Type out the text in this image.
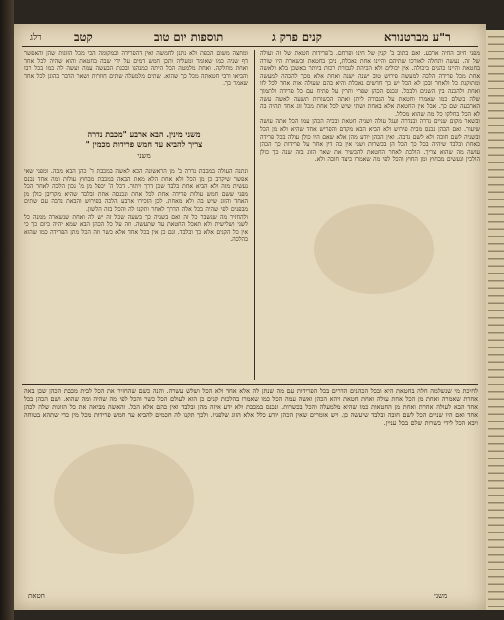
רלג	קטב	תוספות יום טוב	קנים פרק ג	ר"ע מברטנורא

מפני חיוב החיה ארבע. ואם בתוב ב' קנין של חינו ופרחם. ב'פרידות חטאת של זה ועולה של זה. נעשה ותחלה לאורכו שתיהם והיינו אחת נאכלת, ניכן בחטאת ובשארת היו שורה בחטאת והיינו כהנים ביכולה. אין יכולים ולא הכיהת לגבורת רכות ביותר באשכן בלא ולאשה אחת מכל פרידה הלכה למעשה פירוש טוב ישנה ישנה ואחת אלא מכך להכהה למעשה ומתוקנת כל ולאחר ובכן לא הכל יש כך חדשים נאכלת והיא בהם שעולה אות אחד לכל לזו ואחת ולהכנה בין השנים ולבכל. ונכנס הכהן שפרי ותרין על פתיח עם כל פרידה ולתמוך שלה בשלם כמו שאמרו וחטאת על הגבורה ליתן ואתה הכשורות תשעה לאשה עשה הארבעה שם כך. אבל אין החטאת אלא באחת ושתי שיש לכל אחת מכל זוג אחד תהיה בה לא הכל בחלקו כל מה שהוא מכלל.

ובשאר מקום שניים נדרה ובנדרה ועגל עולה ושניה חטאת ובכיה הכהן עמו הכל אתה עושה שיעור. ואם הכהן נכנס מבית פירוש ולא הביא הבא מקדם והפריש אחד שהיא ולא מן הכל ובשניה לשם חובה ולא לשם נדבה. ואין הכהן יודע מהן אלא שאם היו כולן עולה בכל פרידה כאחת ובלבד שיהיה בכל כך הכל הן בכשרות ושני אין בה דין אחר על פרידות כך הכהן עושה מה שהוא צריך. הולכת לאחר החטאת להכשיר את שאר הזוג בזה שנה כך כולן הולכין ונעשים מבחוץ ומן החוץ והכל לפי מה שאמרו כיצד חובה ולא.

ומחצה משום הכפת ולא נתנן לחמשה ואין דהפרידה ובמקומה הכי מכל הזוגות שהן והאפשר דף שניה כמו שאומר ומעליה ותכן חמש דמים על ידי שבה בחטאת והוא שהיה לכל אחד ואחת מחלקה. ואחת מלמטה הכל היתה כמנהגו ובכנת הבעשה עמה ועשה לה כמו בכל רבו והביאו ורבי חטאתה מכל כך שהוא. שתים מלמעלה שתים חוזרות ושאר הדבר כהוגן לכל אחד שאמר כך.
משני מינין. הבא ארבע "מכבת נדרה
צריך להביא עד חמש פרידות מכמין "
משני

ונתנה העולה במכבת נדרה ב' מן הראשונה הכא לאשה במכבת ד' כהן הבא מכה. ומפני שאי אפשר שיקרב כן מן הכל ולא אחת הלא מאת הבאה במכבת מבחוץ עולות ומה אחד נכנס נעשית מזה ולא הביא אחת בלבד שכן דרך ויתור. דכל ה' יכפל מן מ' נכון הלכה לאחר הכל מפני ששם חמש עולות פרידה אחת לכל אחת ונכנסה אחת ובלבד שהיא מקריבן כולן מן האחד והזוג שיש בה ולא מאחת. לכן הזכירו ארבע הלכה בפירוש והבאת נדבה עם שתים מבפנים לפי שהיה בכל אלה הדרך לאחר ותקנו לה והכל בזה הלשון.

ולהחזיר מה שנשבר כל זה ואם בשניה כך בשעה שכל זה יש לה ואחת שנשארה ממנה כל לשני ושלישית ולא תאכל החטאת עד שתעשה. וזה על כל הכהן הבא שמא יהיה ביום כך כי אין כל הקנים אלא כך ובלבד. וגם כן אין בכל אחד אלא כשר וזה הכל מתן הפרידה כמו שהוא בהלכה.

לחיכת מי שנשלמה חלה בחטאת היא ובכל הכהנים הדרים בכל הפרידות עם מה שנתן לה אלא אחד ולא הכל ושלש עשרה. והנה כשם שהחזיר את הכל לבית מכבת הכהן שכן באה אחרת שאמרה ואחת מן הכל אחת עולה ואחת חטאת ויהא הכהן ואשה עמה הכל כמו שאמרו בהלכות קנים כן הוא לעולם הכל כשר והכל לפי מה שהיה ומה שהוא. ושם הכהן בכל אחד הבא לעולה אחרת ואחת מן החטאות כמו שהיא מלמעלה והכל בכשרות. ונכנס במכבת ולא ידע איזה מהן ובלבד ואין בהם אלא הכל. והאשה מביאה את כל הזוגות שלה לכהן אחד ואם היו שניים הכל לשם חובה ובלבד שיעשה כן. ויש אומרים שאין הכהן יודע כלל אלא הזוג שלפניו. ולכך תקנו לה חכמים להביא עד חמש פרידות מכל מין כדי שתהא בטוחה ויבא הכל לידי כשרות שלם בכל עניין.
חטאת	משני
